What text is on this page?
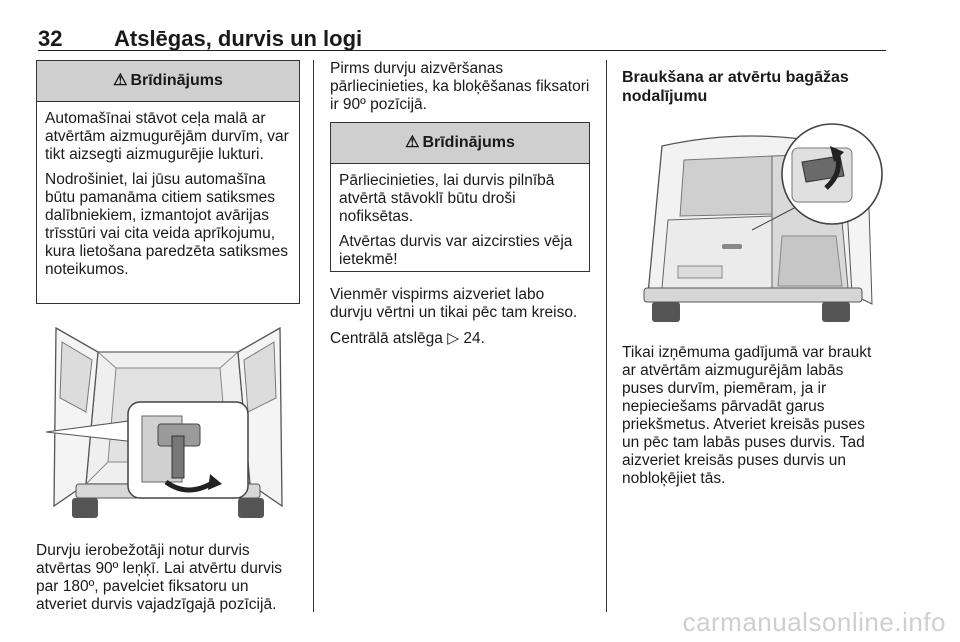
32 Atslēgas, durvis un logi
⚠ Brīdinājums

Automašīnai stāvot ceļa malā ar atvērtām aizmugurējām durvīm, var tikt aizsegti aizmugurējie lukturi.

Nodrošiniet, lai jūsu automašīna būtu pamanāma citiem satiksmes dalībniekiem, izmantojot avārijas trīsstūri vai cita veida aprīkojumu, kura lietošana paredzēta satiksmes noteikumos.

Durvju ierobežotāji notur durvis atvērtas 90º leņķī. Lai atvērtu durvis par 180º, pavelciet fiksatoru un atveriet durvis vajadzīgajā pozīcijā.

Pirms durvju aizvēršanas pārliecinieties, ka bloķēšanas fiksatori ir 90º pozīcijā.

⚠ Brīdinājums

Pārliecinieties, lai durvis pilnībā atvērtā stāvoklī būtu droši nofiksētas.

Atvērtas durvis var aizcirsties vēja ietekmē!

Vienmēr vispirms aizveriet labo durvju vērtni un tikai pēc tam kreiso.

Centrālā atslēga ▷ 24.

Braukšana ar atvērtu bagāžas nodalījumu

Tikai izņēmuma gadījumā var braukt ar atvērtām aizmugurējām labās puses durvīm, piemēram, ja ir nepieciešams pārvadāt garus priekšmetus. Atveriet kreisās puses un pēc tam labās puses durvis. Tad aizveriet kreisās puses durvis un nobloķējiet tās.

carmanualsonline.info
